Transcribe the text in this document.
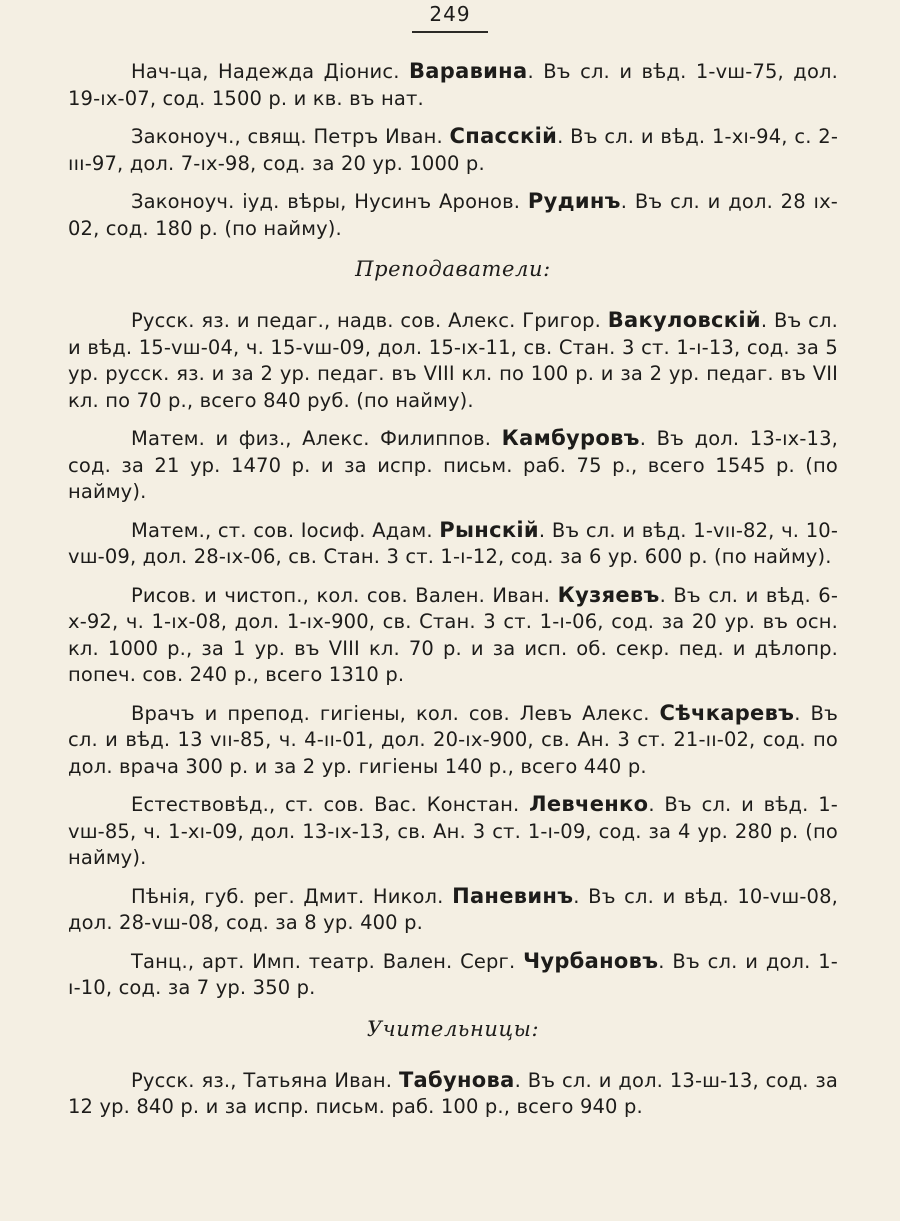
249

Нач-ца, Надежда Діонис. Варавина. Въ сл. и вѣд. 1-vш-75, дол. 19-ıx-07, сод. 1500 р. и кв. въ нат.

Законоуч., свящ. Петръ Иван. Спасскій. Въ сл. и вѣд. 1-xı-94, с. 2-ııı-97, дол. 7-ıx-98, сод. за 20 ур. 1000 р.

Законоуч. іуд. вѣры, Нусинъ Аронов. Рудинъ. Въ сл. и дол. 28 ıx-02, сод. 180 р. (по найму).

Преподаватели:

Русск. яз. и педаг., надв. сов. Алекс. Григор. Вакуловскій. Въ сл. и вѣд. 15-vш-04, ч. 15-vш-09, дол. 15-ıx-11, св. Стан. 3 ст. 1-ı-13, сод. за 5 ур. русск. яз. и за 2 ур. педаг. въ VIII кл. по 100 р. и за 2 ур. педаг. въ VII кл. по 70 р., всего 840 руб. (по найму).

Матем. и физ., Алекс. Филиппов. Камбуровъ. Въ дол. 13-ıx-13, сод. за 21 ур. 1470 р. и за испр. письм. раб. 75 р., всего 1545 р. (по найму).

Матем., ст. сов. Іосиф. Адам. Рынскій. Въ сл. и вѣд. 1-vıı-82, ч. 10-vш-09, дол. 28-ıx-06, св. Стан. 3 ст. 1-ı-12, сод. за 6 ур. 600 р. (по найму).

Рисов. и чистоп., кол. сов. Вален. Иван. Кузяевъ. Въ сл. и вѣд. 6-x-92, ч. 1-ıx-08, дол. 1-ıx-900, св. Стан. 3 ст. 1-ı-06, сод. за 20 ур. въ осн. кл. 1000 р., за 1 ур. въ VIII кл. 70 р. и за исп. об. секр. пед. и дѣлопр. попеч. сов. 240 р., всего 1310 р.

Врачъ и препод. гигіены, кол. сов. Левъ Алекс. Сѣчкаревъ. Въ сл. и вѣд. 13 vıı-85, ч. 4-ıı-01, дол. 20-ıx-900, св. Ан. 3 ст. 21-ıı-02, сод. по дол. врача 300 р. и за 2 ур. гигіены 140 р., всего 440 р.

Естествовѣд., ст. сов. Вас. Констан. Левченко. Въ сл. и вѣд. 1-vш-85, ч. 1-xı-09, дол. 13-ıx-13, св. Ан. 3 ст. 1-ı-09, сод. за 4 ур. 280 р. (по найму).

Пѣнія, губ. рег. Дмит. Никол. Паневинъ. Въ сл. и вѣд. 10-vш-08, дол. 28-vш-08, сод. за 8 ур. 400 р.

Танц., арт. Имп. театр. Вален. Серг. Чурбановъ. Въ сл. и дол. 1-ı-10, сод. за 7 ур. 350 р.

Учительницы:

Русск. яз., Татьяна Иван. Табунова. Въ сл. и дол. 13-ш-13, сод. за 12 ур. 840 р. и за испр. письм. раб. 100 р., всего 940 р.
